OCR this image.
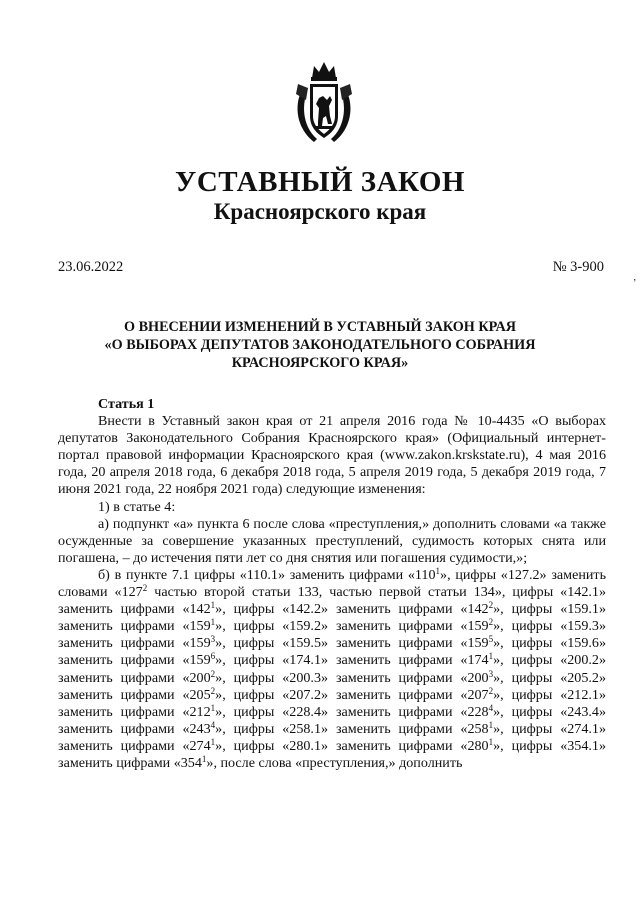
УСТАВНЫЙ ЗАКОН
Красноярского края
23.06.2022	№ 3-900
,
О ВНЕСЕНИИ ИЗМЕНЕНИЙ В УСТАВНЫЙ ЗАКОН КРАЯ
«О ВЫБОРАХ ДЕПУТАТОВ ЗАКОНОДАТЕЛЬНОГО СОБРАНИЯ
КРАСНОЯРСКОГО КРАЯ»

Статья 1

Внести в Уставный закон края от 21 апреля 2016 года № 10-4435 «О выборах депутатов Законодательного Собрания Красноярского края» (Официальный интернет-портал правовой информации Красноярского края (www.zakon.krskstate.ru), 4 мая 2016 года, 20 апреля 2018 года, 6 декабря 2018 года, 5 апреля 2019 года, 5 декабря 2019 года, 7 июня 2021 года, 22 ноября 2021 года) следующие изменения:

1) в статье 4:

а) подпункт «а» пункта 6 после слова «преступления,» дополнить словами «а также осужденные за совершение указанных преступлений, судимость которых снята или погашена, – до истечения пяти лет со дня снятия или погашения судимости,»;

б) в пункте 7.1 цифры «110.1» заменить цифрами «$110^1$», цифры «127.2» заменить словами «$127^2$ частью второй статьи 133, частью первой статьи 134», цифры «142.1» заменить цифрами «$142^1$», цифры «142.2» заменить цифрами «$142^2$», цифры «159.1» заменить цифрами «$159^1$», цифры «159.2» заменить цифрами «$159^2$», цифры «159.3» заменить цифрами «$159^3$», цифры «159.5» заменить цифрами «$159^5$», цифры «159.6» заменить цифрами «$159^6$», цифры «174.1» заменить цифрами «$174^1$», цифры «200.2» заменить цифрами «$200^2$», цифры «200.3» заменить цифрами «$200^3$», цифры «205.2» заменить цифрами «$205^2$», цифры «207.2» заменить цифрами «$207^2$», цифры «212.1» заменить цифрами «$212^1$», цифры «228.4» заменить цифрами «$228^4$», цифры «243.4» заменить цифрами «$243^4$», цифры «258.1» заменить цифрами «$258^1$», цифры «274.1» заменить цифрами «$274^1$», цифры «280.1» заменить цифрами «$280^1$», цифры «354.1» заменить цифрами «$354^1$», после слова «преступления,» дополнить
